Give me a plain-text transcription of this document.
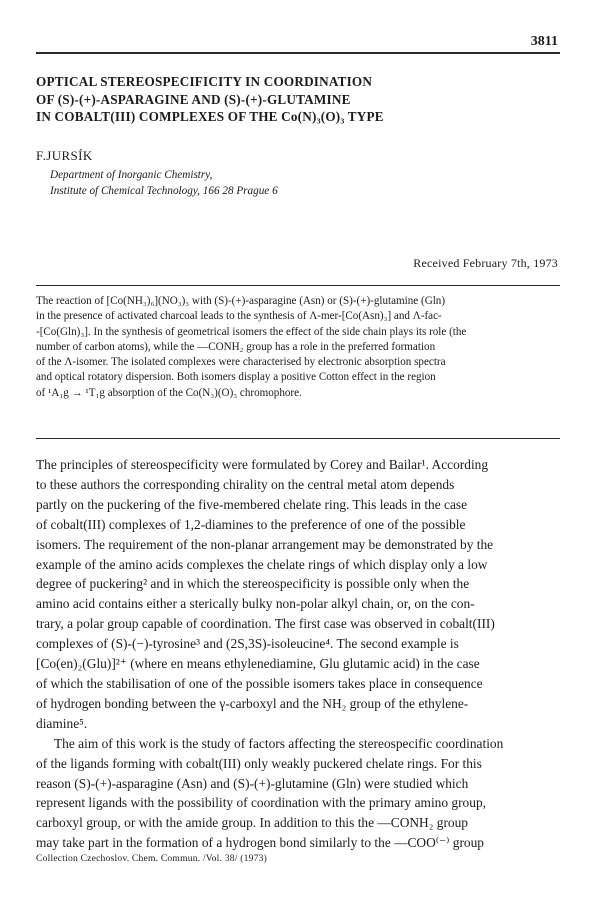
3811
OPTICAL STEREOSPECIFICITY IN COORDINATION
OF (S)-(+)-ASPARAGINE AND (S)-(+)-GLUTAMINE
IN COBALT(III) COMPLEXES OF THE Co(N)₃(O)₃ TYPE
F.JURSÍK
Department of Inorganic Chemistry,
Institute of Chemical Technology, 166 28 Prague 6
Received February 7th, 1973
The reaction of [Co(NH₃)₆](NO₃)₃ with (S)-(+)-asparagine (Asn) or (S)-(+)-glutamine (Gln)
in the presence of activated charcoal leads to the synthesis of Λ-mer-[Co(Asn)₃] and Λ-fac-
-[Co(Gln)₃]. In the synthesis of geometrical isomers the effect of the side chain plays its role (the
number of carbon atoms), while the —CONH₂ group has a role in the preferred formation
of the Λ-isomer. The isolated complexes were characterised by electronic absorption spectra
and optical rotatory dispersion. Both isomers display a positive Cotton effect in the region
of ¹A₁g → ¹T₁g absorption of the Co(N₃)(O)₃ chromophore.
The principles of stereospecificity were formulated by Corey and Bailar¹. According
to these authors the corresponding chirality on the central metal atom depends
partly on the puckering of the five-membered chelate ring. This leads in the case
of cobalt(III) complexes of 1,2-diamines to the preference of one of the possible
isomers. The requirement of the non-planar arrangement may be demonstrated by the
example of the amino acids complexes the chelate rings of which display only a low
degree of puckering² and in which the stereospecificity is possible only when the
amino acid contains either a sterically bulky non-polar alkyl chain, or, on the con-
trary, a polar group capable of coordination. The first case was observed in cobalt(III)
complexes of (S)-(−)-tyrosine³ and (2S,3S)-isoleucine⁴. The second example is
[Co(en)₂(Glu)]²⁺ (where en means ethylenediamine, Glu glutamic acid) in the case
of which the stabilisation of one of the possible isomers takes place in consequence
of hydrogen bonding between the γ-carboxyl and the NH₂ group of the ethylene-
diamine⁵.
The aim of this work is the study of factors affecting the stereospecific coordination
of the ligands forming with cobalt(III) only weakly puckered chelate rings. For this
reason (S)-(+)-asparagine (Asn) and (S)-(+)-glutamine (Gln) were studied which
represent ligands with the possibility of coordination with the primary amino group,
carboxyl group, or with the amide group. In addition to this the —CONH₂ group
may take part in the formation of a hydrogen bond similarly to the —COO⁽⁻⁾ group
Collection Czechoslov. Chem. Commun. /Vol. 38/ (1973)
